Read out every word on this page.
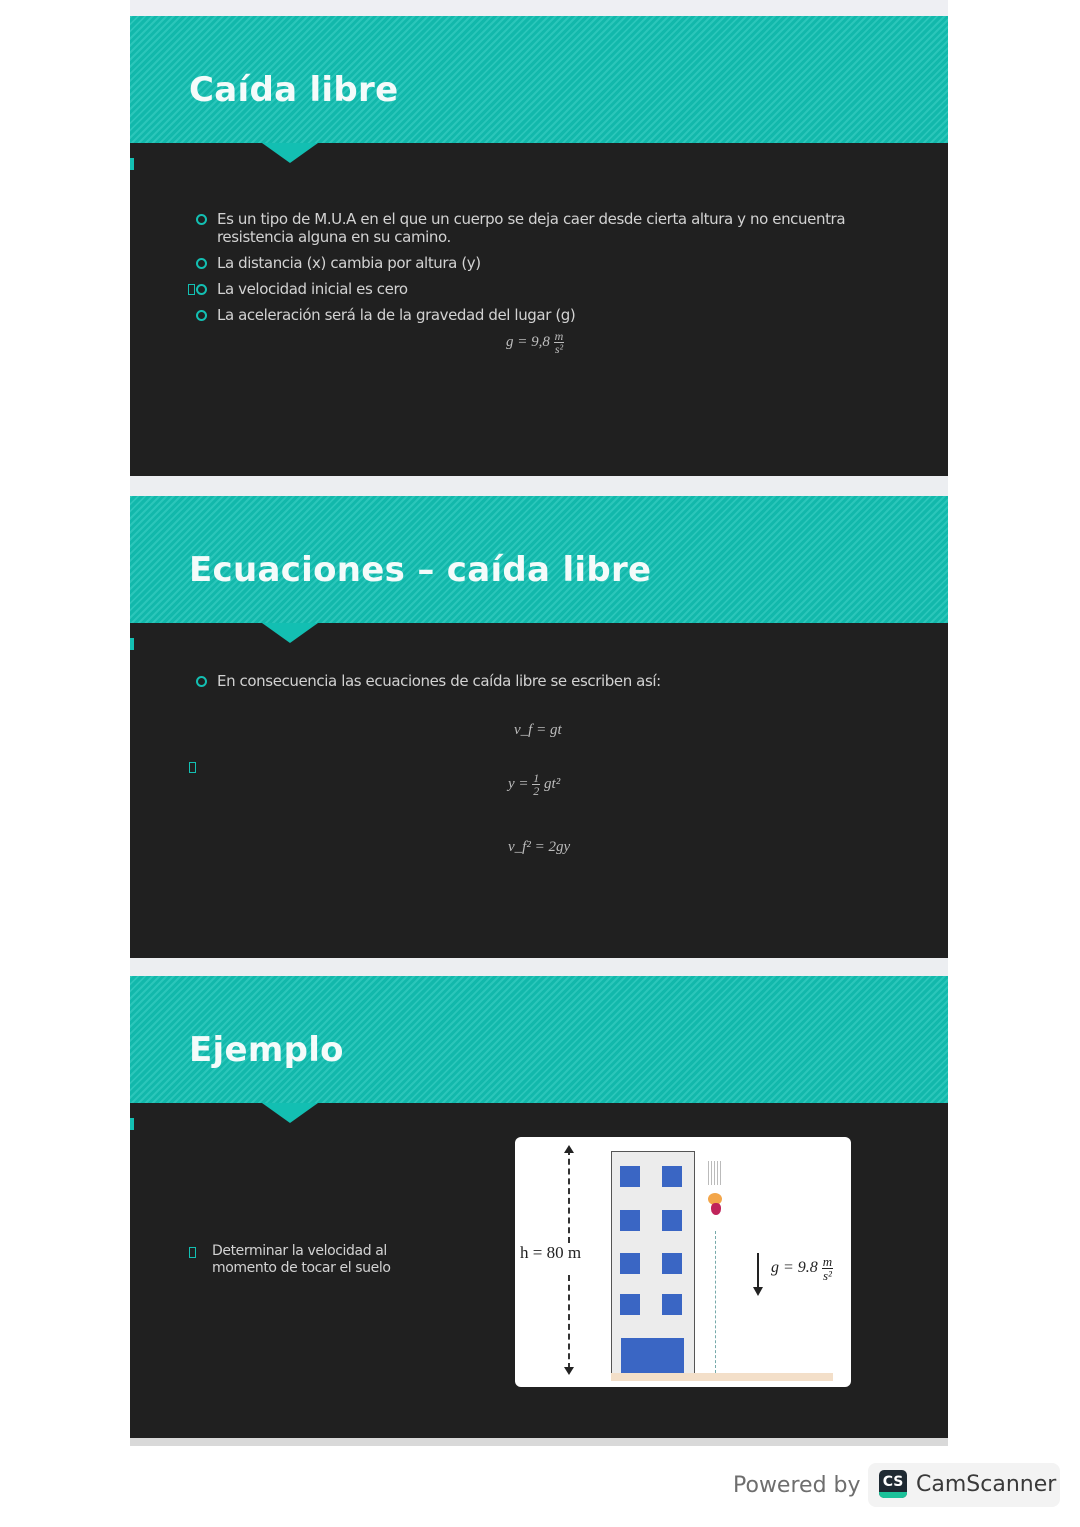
Caída libre
Es un tipo de M.U.A en el que un cuerpo se deja caer desde cierta altura y no encuentra resistencia alguna en su camino.
La distancia (x) cambia por altura (y)
La velocidad inicial es cero
La aceleración será la de la gravedad del lugar (g)
$g = 9,8 \frac{m}{\text{s²}}$
Ecuaciones – caída libre
En consecuencia las ecuaciones de caída libre se escriben así:
v_f = gt
$y = \frac{1}{2} gt^2$
v_f² = 2gy
Ejemplo
Determinar la velocidad al momento de tocar el suelo
h = 80 m
$g = 9.8 \frac{m}{\text{s²}}$
Powered by CS CamScanner
